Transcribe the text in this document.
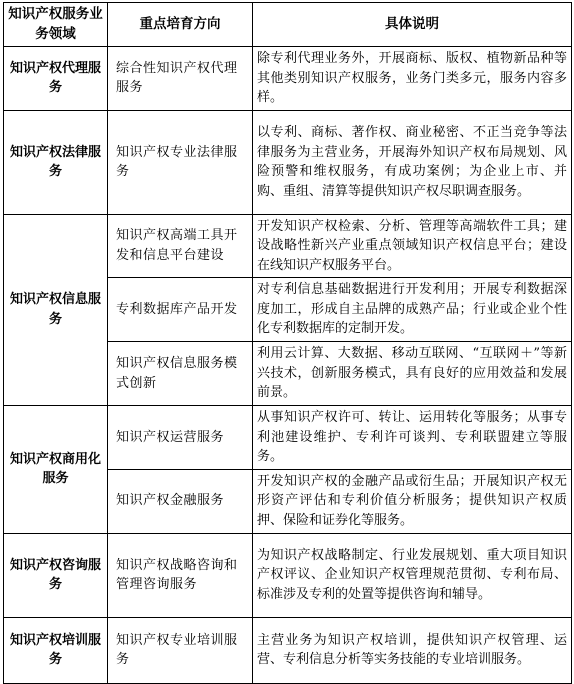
知识产权服务业务领域	重点培育方向	具体说明
知识产权代理服务	综合性知识产权代理服务	除专利代理业务外，开展商标、版权、植物新品种等其他类别知识产权服务，业务门类多元，服务内容多样。
知识产权法律服务	知识产权专业法律服务	以专利、商标、著作权、商业秘密、不正当竞争等法律服务为主营业务，开展海外知识产权布局规划、风险预警和维权服务，有成功案例；为企业上市、并购、重组、清算等提供知识产权尽职调查服务。
知识产权信息服务	知识产权高端工具开发和信息平台建设	开发知识产权检索、分析、管理等高端软件工具；建设战略性新兴产业重点领域知识产权信息平台；建设在线知识产权服务平台。
	专利数据库产品开发	对专利信息基础数据进行开发利用；开展专利数据深度加工，形成自主品牌的成熟产品；行业或企业个性化专利数据库的定制开发。
	知识产权信息服务模式创新	利用云计算、大数据、移动互联网、“互联网＋”等新兴技术，创新服务模式，具有良好的应用效益和发展前景。
知识产权商用化服务	知识产权运营服务	从事知识产权许可、转让、运用转化等服务；从事专利池建设维护、专利许可谈判、专利联盟建立等服务。
	知识产权金融服务	开发知识产权的金融产品或衍生品；开展知识产权无形资产评估和专利价值分析服务；提供知识产权质押、保险和证券化等服务。
知识产权咨询服务	知识产权战略咨询和管理咨询服务	为知识产权战略制定、行业发展规划、重大项目知识产权评议、企业知识产权管理规范贯彻、专利布局、标准涉及专利的处置等提供咨询和辅导。
知识产权培训服务	知识产权专业培训服务	主营业务为知识产权培训，提供知识产权管理、运营、专利信息分析等实务技能的专业培训服务。
